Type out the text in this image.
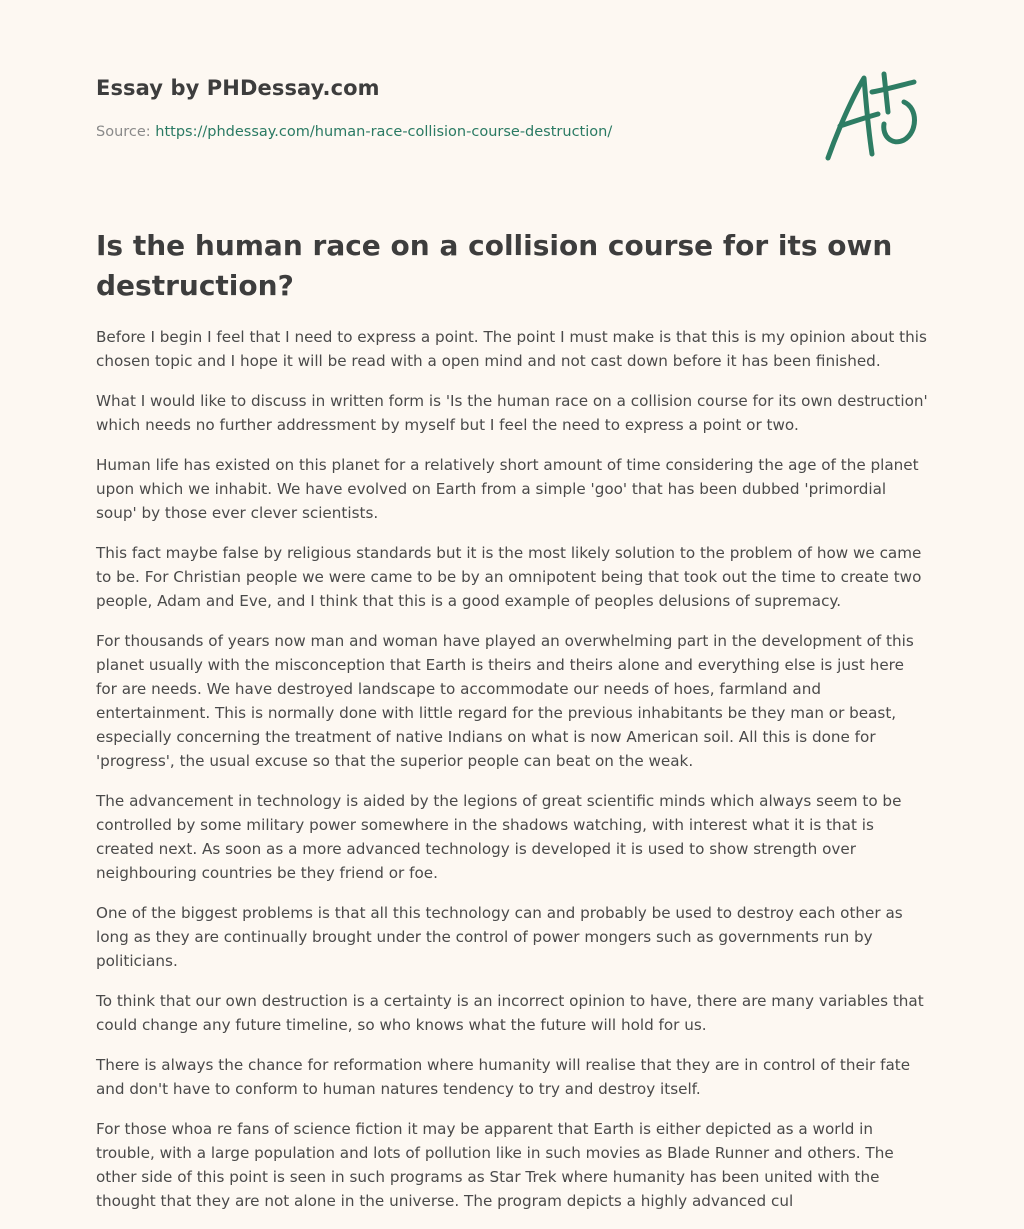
Essay by PHDessay.com
Source: https://phdessay.com/human-race-collision-course-destruction/
Is the human race on a collision course for its own destruction?

Before I begin I feel that I need to express a point. The point I must make is that this is my opinion about this chosen topic and I hope it will be read with a open mind and not cast down before it has been finished.

What I would like to discuss in written form is 'Is the human race on a collision course for its own destruction' which needs no further addressment by myself but I feel the need to express a point or two.

Human life has existed on this planet for a relatively short amount of time considering the age of the planet upon which we inhabit. We have evolved on Earth from a simple 'goo' that has been dubbed 'primordial soup' by those ever clever scientists.

This fact maybe false by religious standards but it is the most likely solution to the problem of how we came to be. For Christian people we were came to be by an omnipotent being that took out the time to create two people, Adam and Eve, and I think that this is a good example of peoples delusions of supremacy.

For thousands of years now man and woman have played an overwhelming part in the development of this planet usually with the misconception that Earth is theirs and theirs alone and everything else is just here for are needs. We have destroyed landscape to accommodate our needs of hoes, farmland and entertainment. This is normally done with little regard for the previous inhabitants be they man or beast, especially concerning the treatment of native Indians on what is now American soil. All this is done for 'progress', the usual excuse so that the superior people can beat on the weak.

The advancement in technology is aided by the legions of great scientific minds which always seem to be controlled by some military power somewhere in the shadows watching, with interest what it is that is created next. As soon as a more advanced technology is developed it is used to show strength over neighbouring countries be they friend or foe.

One of the biggest problems is that all this technology can and probably be used to destroy each other as long as they are continually brought under the control of power mongers such as governments run by politicians.

To think that our own destruction is a certainty is an incorrect opinion to have, there are many variables that could change any future timeline, so who knows what the future will hold for us.

There is always the chance for reformation where humanity will realise that they are in control of their fate and don't have to conform to human natures tendency to try and destroy itself.

For those whoa re fans of science fiction it may be apparent that Earth is either depicted as a world in trouble, with a large population and lots of pollution like in such movies as Blade Runner and others. The other side of this point is seen in such programs as Star Trek where humanity has been united with the thought that they are not alone in the universe. The program depicts a highly advanced cul
